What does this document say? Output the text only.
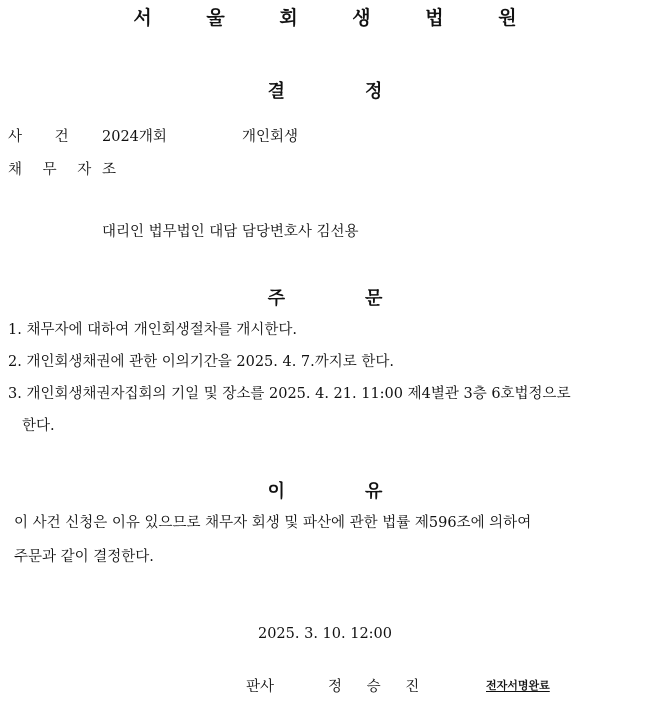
서 울 회 생 법 원
결	정
사 건 2024개회	개인회생
채 무 자 조
대리인 법무법인 대담 담당변호사 김선용
주	문
1. 채무자에 대하여 개인회생절차를 개시한다.
2. 개인회생채권에 관한 이의기간을 2025. 4. 7.까지로 한다.
3. 개인회생채권자집회의 기일 및 장소를 2025. 4. 21. 11:00 제4별관 3층 6호법정으로
한다.
이	유
이 사건 신청은 이유 있으므로 채무자 회생 및 파산에 관한 법률 제596조에 의하여
주문과 같이 결정한다.
2025. 3. 10. 12:00
판사	정 승 진	전자서명완료
